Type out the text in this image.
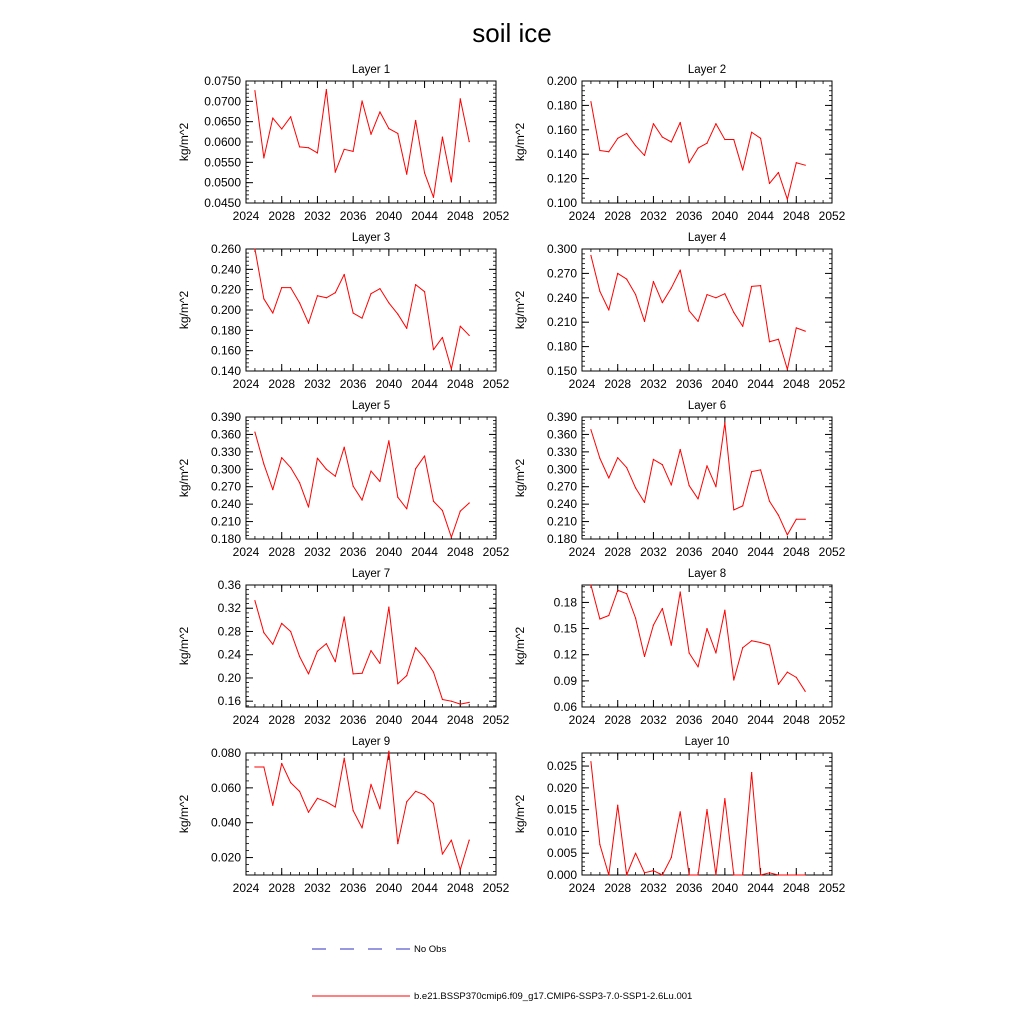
soil ice
Layer 1
kg/m^2
2024 2028 2032 2036 2040 2044 2048 2052
0.0450
0.0500
0.0550
0.0600
0.0650
0.0700
0.0750
Layer 2
kg/m^2
2024 2028 2032 2036 2040 2044 2048 2052
0.100
0.120
0.140
0.160
0.180
0.200
Layer 3
kg/m^2
2024 2028 2032 2036 2040 2044 2048 2052
0.140
0.160
0.180
0.200
0.220
0.240
0.260
Layer 4
kg/m^2
2024 2028 2032 2036 2040 2044 2048 2052
0.150
0.180
0.210
0.240
0.270
0.300
Layer 5
kg/m^2
2024 2028 2032 2036 2040 2044 2048 2052
0.180
0.210
0.240
0.270
0.300
0.330
0.360
0.390
Layer 6
kg/m^2
2024 2028 2032 2036 2040 2044 2048 2052
0.180
0.210
0.240
0.270
0.300
0.330
0.360
0.390
Layer 7
kg/m^2
2024 2028 2032 2036 2040 2044 2048 2052
0.16
0.20
0.24
0.28
0.32
0.36
Layer 8
kg/m^2
2024 2028 2032 2036 2040 2044 2048 2052
0.06
0.09
0.12
0.15
0.18
Layer 9
kg/m^2
2024 2028 2032 2036 2040 2044 2048 2052
0.020
0.040
0.060
0.080
Layer 10
kg/m^2
2024 2028 2032 2036 2040 2044 2048 2052
0.000
0.005
0.010
0.015
0.020
0.025
No Obs
b.e21.BSSP370cmip6.f09_g17.CMIP6-SSP3-7.0-SSP1-2.6Lu.001
